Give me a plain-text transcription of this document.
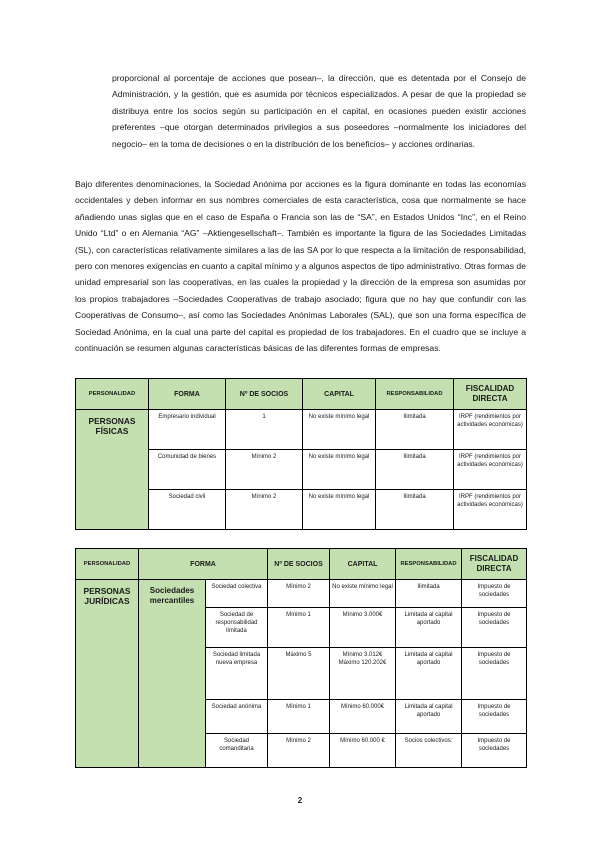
proporcional al porcentaje de acciones que posean–, la dirección, que es detentada por el Consejo de Administración, y la gestión, que es asumida por técnicos especializados. A pesar de que la propiedad se distribuya entre los socios según su participación en el capital, en ocasiones pueden existir acciones preferentes –que otorgan determinados privilegios a sus poseedores –normalmente los iniciadores del negocio– en la toma de decisiones o en la distribución de los beneficios– y acciones ordinarias.

Bajo diferentes denominaciones, la Sociedad Anónima por acciones es la figura dominante en todas las economías occidentales y deben informar en sus nombres comerciales de esta característica, cosa que normalmente se hace añadiendo unas siglas que en el caso de España o Francia son las de “SA”, en Estados Unidos “Inc”, en el Reino Unido “Ltd” o en Alemania “AG” –Aktiengesellschaft–. También es importante la figura de las Sociedades Limitadas (SL), con características relativamente similares a las de las SA por lo que respecta a la limitación de responsabilidad, pero con menores exigencias en cuanto a capital mínimo y a algunos aspectos de tipo administrativo. Otras formas de unidad empresarial son las cooperativas, en las cuales la propiedad y la dirección de la empresa son asumidas por los propios trabajadores –Sociedades Cooperativas de trabajo asociado; figura que no hay que confundir con las Cooperativas de Consumo–, así como las Sociedades Anónimas Laborales (SAL), que son una forma específica de Sociedad Anónima, en la cual una parte del capital es propiedad de los trabajadores. En el cuadro que se incluye a continuación se resumen algunas características básicas de las diferentes formas de empresas.

PERSONALIDAD	FORMA	Nº DE SOCIOS	CAPITAL	RESPONSABILIDAD	FISCALIDAD DIRECTA
PERSONAS FÍSICAS	Empresario individual	1	No existe mínimo legal	Ilimitada	IRPF (rendimientos por actividades económicas)
	Comunidad de bienes	Mínimo 2	No existe mínimo legal	Ilimitada	IRPF (rendimientos por actividades económicas)
	Sociedad civil	Mínimo 2	No existe mínimo legal	Ilimitada	IRPF (rendimientos por actividades económicas)
PERSONALIDAD	FORMA		Nº DE SOCIOS	CAPITAL	RESPONSABILIDAD	FISCALIDAD DIRECTA
PERSONAS JURÍDICAS	Sociedades mercantiles	Sociedad colectiva	Mínimo 2	No existe mínimo legal	Ilimitada	Impuesto de sociedades
		Sociedad de responsabilidad limitada	Mínimo 1	Mínimo 3.000€	Limitada al capital aportado	Impuesto de sociedades
		Sociedad limitada nueva empresa	Máximo 5	Mínimo 3.012€ Máximo 120.202€	Limitada al capital aportado	Impuesto de sociedades
		Sociedad anónima	Mínimo 1	Mínimo 60.000€	Limitada al capital aportado	Impuesto de sociedades
		Sociedad comanditaria	Mínimo 2	Mínimo 60.000 €	Socios colectivos:	Impuesto de sociedades
2
